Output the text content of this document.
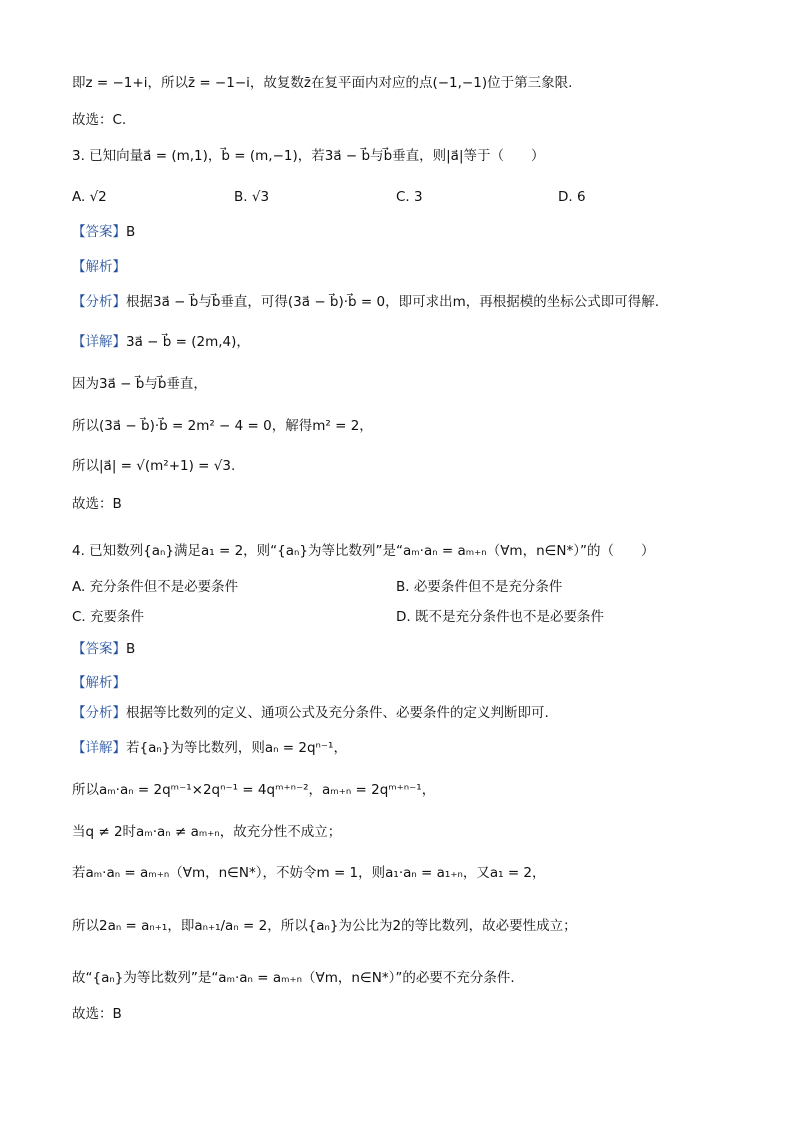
即z = −1+i，所以z̄ = −1−i，故复数z̄在复平面内对应的点(−1,−1)位于第三象限.
故选：C.
3. 已知向量a⃗ = (m,1)，b⃗ = (m,−1)，若3a⃗ − b⃗与b⃗垂直，则|a⃗|等于（　　）
A. √2	B. √3	C. 3	D. 6
【答案】B
【解析】
【分析】根据3a⃗ − b⃗与b⃗垂直，可得(3a⃗ − b⃗)·b⃗ = 0，即可求出m，再根据模的坐标公式即可得解.
【详解】3a⃗ − b⃗ = (2m,4)，
因为3a⃗ − b⃗与b⃗垂直，
所以(3a⃗ − b⃗)·b⃗ = 2m² − 4 = 0，解得m² = 2，
所以|a⃗| = √(m²+1) = √3.
故选：B
4. 已知数列{aₙ}满足a₁ = 2，则“{aₙ}为等比数列”是“aₘ·aₙ = aₘ₊ₙ（∀m，n∈N*）”的（　　）
A. 充分条件但不是必要条件	B. 必要条件但不是充分条件
C. 充要条件	D. 既不是充分条件也不是必要条件
【答案】B
【解析】
【分析】根据等比数列的定义、通项公式及充分条件、必要条件的定义判断即可.
【详解】若{aₙ}为等比数列，则aₙ = 2qⁿ⁻¹，
所以aₘ·aₙ = 2qᵐ⁻¹×2qⁿ⁻¹ = 4qᵐ⁺ⁿ⁻²，aₘ₊ₙ = 2qᵐ⁺ⁿ⁻¹，
当q ≠ 2时aₘ·aₙ ≠ aₘ₊ₙ，故充分性不成立；
若aₘ·aₙ = aₘ₊ₙ（∀m，n∈N*），不妨令m = 1，则a₁·aₙ = a₁₊ₙ，又a₁ = 2，
所以2aₙ = aₙ₊₁，即aₙ₊₁/aₙ = 2，所以{aₙ}为公比为2的等比数列，故必要性成立；
故“{aₙ}为等比数列”是“aₘ·aₙ = aₘ₊ₙ（∀m，n∈N*）”的必要不充分条件.
故选：B
